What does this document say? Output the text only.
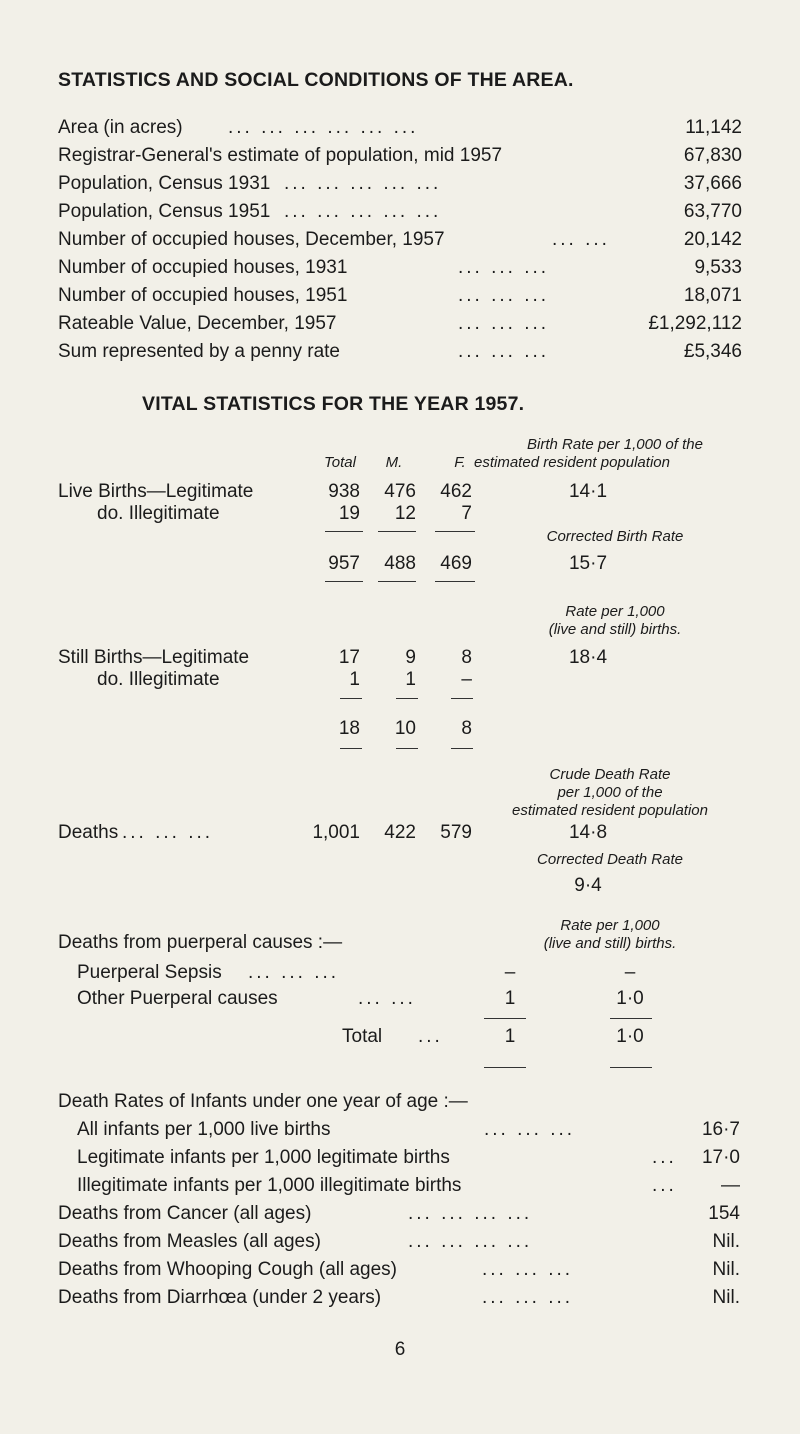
STATISTICS AND SOCIAL CONDITIONS OF THE AREA.
Area (in acres) ... ... ... ... ... ...	11,142
Registrar-General's estimate of population, mid 1957	67,830
Population, Census 1931 ... ... ... ... ...	37,666
Population, Census 1951 ... ... ... ... ...	63,770
Number of occupied houses, December, 1957	... ...	20,142
Number of occupied houses, 1931	... ... ...	9,533
Number of occupied houses, 1951	... ... ...	18,071
Rateable Value, December, 1957	... ... ...	£1,292,112
Sum represented by a penny rate	... ... ...	£5,346
VITAL STATISTICS FOR THE YEAR 1957.
Birth Rate per 1,000 of the
Total	M.	F. estimated resident population
Live Births—Legitimate	938	476	462	14·1
do. Illegitimate	19	12	7
Corrected Birth Rate
957	488	469	15·7
Rate per 1,000
(live and still) births.
Still Births—Legitimate	17	9	8	18·4
do. Illegitimate	1	1	–
18	10	8
Crude Death Rate
per 1,000 of the
estimated resident population
Deaths ... ... ...	1,001	422	579	14·8
Corrected Death Rate
9·4
Rate per 1,000
Deaths from puerperal causes :—	(live and still) births.
Puerperal Sepsis ... ... ...	–	–
Other Puerperal causes	... ...	1	1·0
Total ...	1	1·0
Death Rates of Infants under one year of age :—
All infants per 1,000 live births	... ... ...	16·7
Legitimate infants per 1,000 legitimate births	...	17·0
Illegitimate infants per 1,000 illegitimate births	...	—
Deaths from Cancer (all ages)	... ... ... ...	154
Deaths from Measles (all ages)	... ... ... ...	Nil.
Deaths from Whooping Cough (all ages)	... ... ...	Nil.
Deaths from Diarrhœa (under 2 years)	... ... ...	Nil.
6
